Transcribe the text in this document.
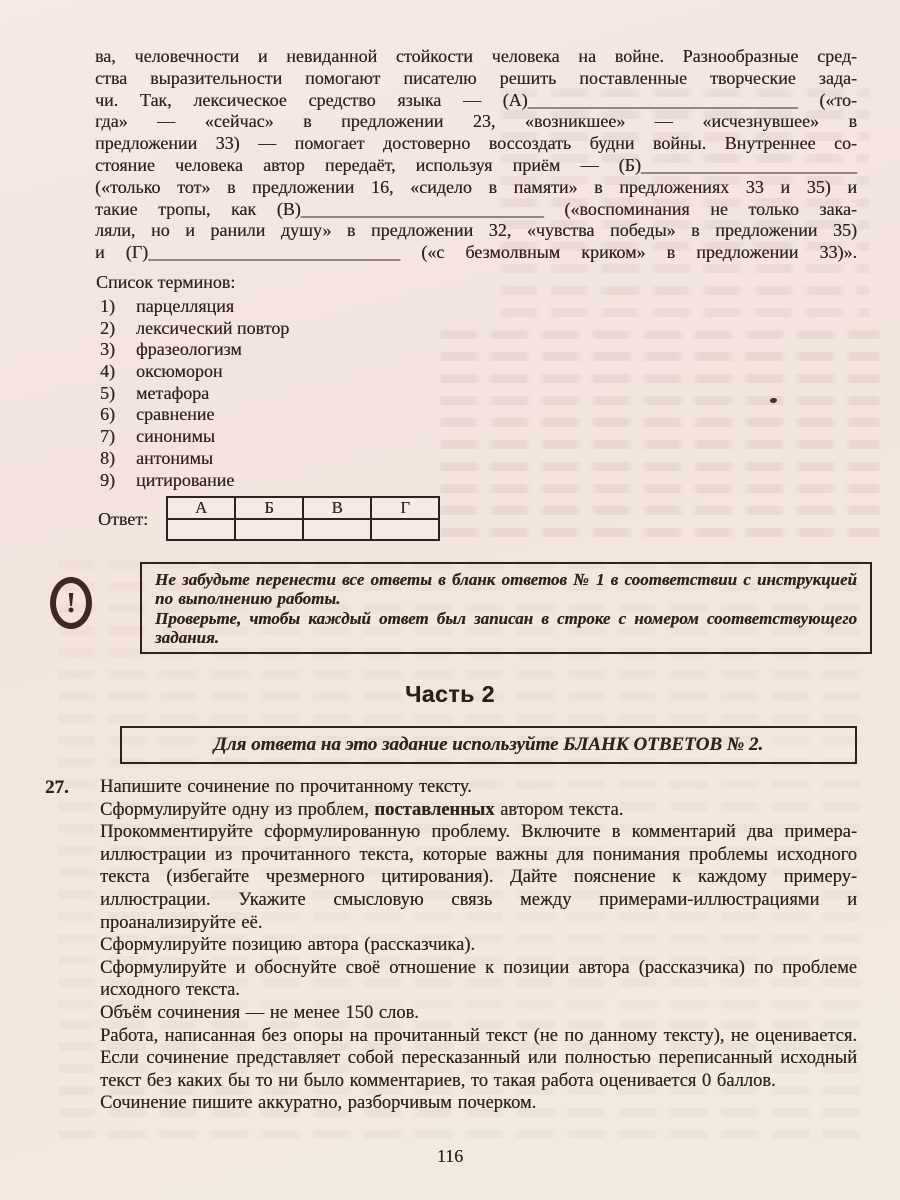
ва, человечности и невиданной стойкости человека на войне. Разнообразные сред-
ства выразительности помогают писателю решить поставленные творческие зада-
чи. Так, лексическое средство языка — (А)______________________________ («то-
гда» — «сейчас» в предложении 23, «возникшее» — «исчезнувшее» в
предложении 33) — помогает достоверно воссоздать будни войны. Внутреннее со-
стояние человека автор передаёт, используя приём — (Б)________________________
(«только тот» в предложении 16, «сидело в памяти» в предложениях 33 и 35) и
такие тропы, как (В)___________________________ («воспоминания не только зака-
ляли, но и ранили душу» в предложении 32, «чувства победы» в предложении 35)
и (Г)____________________________ («с безмолвным криком» в предложении 33)».
Список терминов:
1)	парцелляция
2)	лексический повтор
3)	фразеологизм
4)	оксюморон
5)	метафора
6)	сравнение
7)	синонимы
8)	антонимы
9)	цитирование
Ответ:
А	Б	В	Г

!

Не забудьте перенести все ответы в бланк ответов № 1 в соответствии с инструкцией по выполнению работы.

Проверьте, чтобы каждый ответ был записан в строке с номером соответствующего задания.

Часть 2

Для ответа на это задание используйте БЛАНК ОТВЕТОВ № 2.

27. Напишите сочинение по прочитанному тексту.

Сформулируйте одну из проблем, поставленных автором текста.

Прокомментируйте сформулированную проблему. Включите в комментарий два примера-иллюстрации из прочитанного текста, которые важны для понимания проблемы исходного текста (избегайте чрезмерного цитирования). Дайте пояснение к каждому примеру-иллюстрации. Укажите смысловую связь между примерами-иллюстрациями и проанализируйте её.

Сформулируйте позицию автора (рассказчика).

Сформулируйте и обоснуйте своё отношение к позиции автора (рассказчика) по проблеме исходного текста.

Объём сочинения — не менее 150 слов.

Работа, написанная без опоры на прочитанный текст (не по данному тексту), не оценивается. Если сочинение представляет собой пересказанный или полностью переписанный исходный текст без каких бы то ни было комментариев, то такая работа оценивается 0 баллов.

Сочинение пишите аккуратно, разборчивым почерком.

116
